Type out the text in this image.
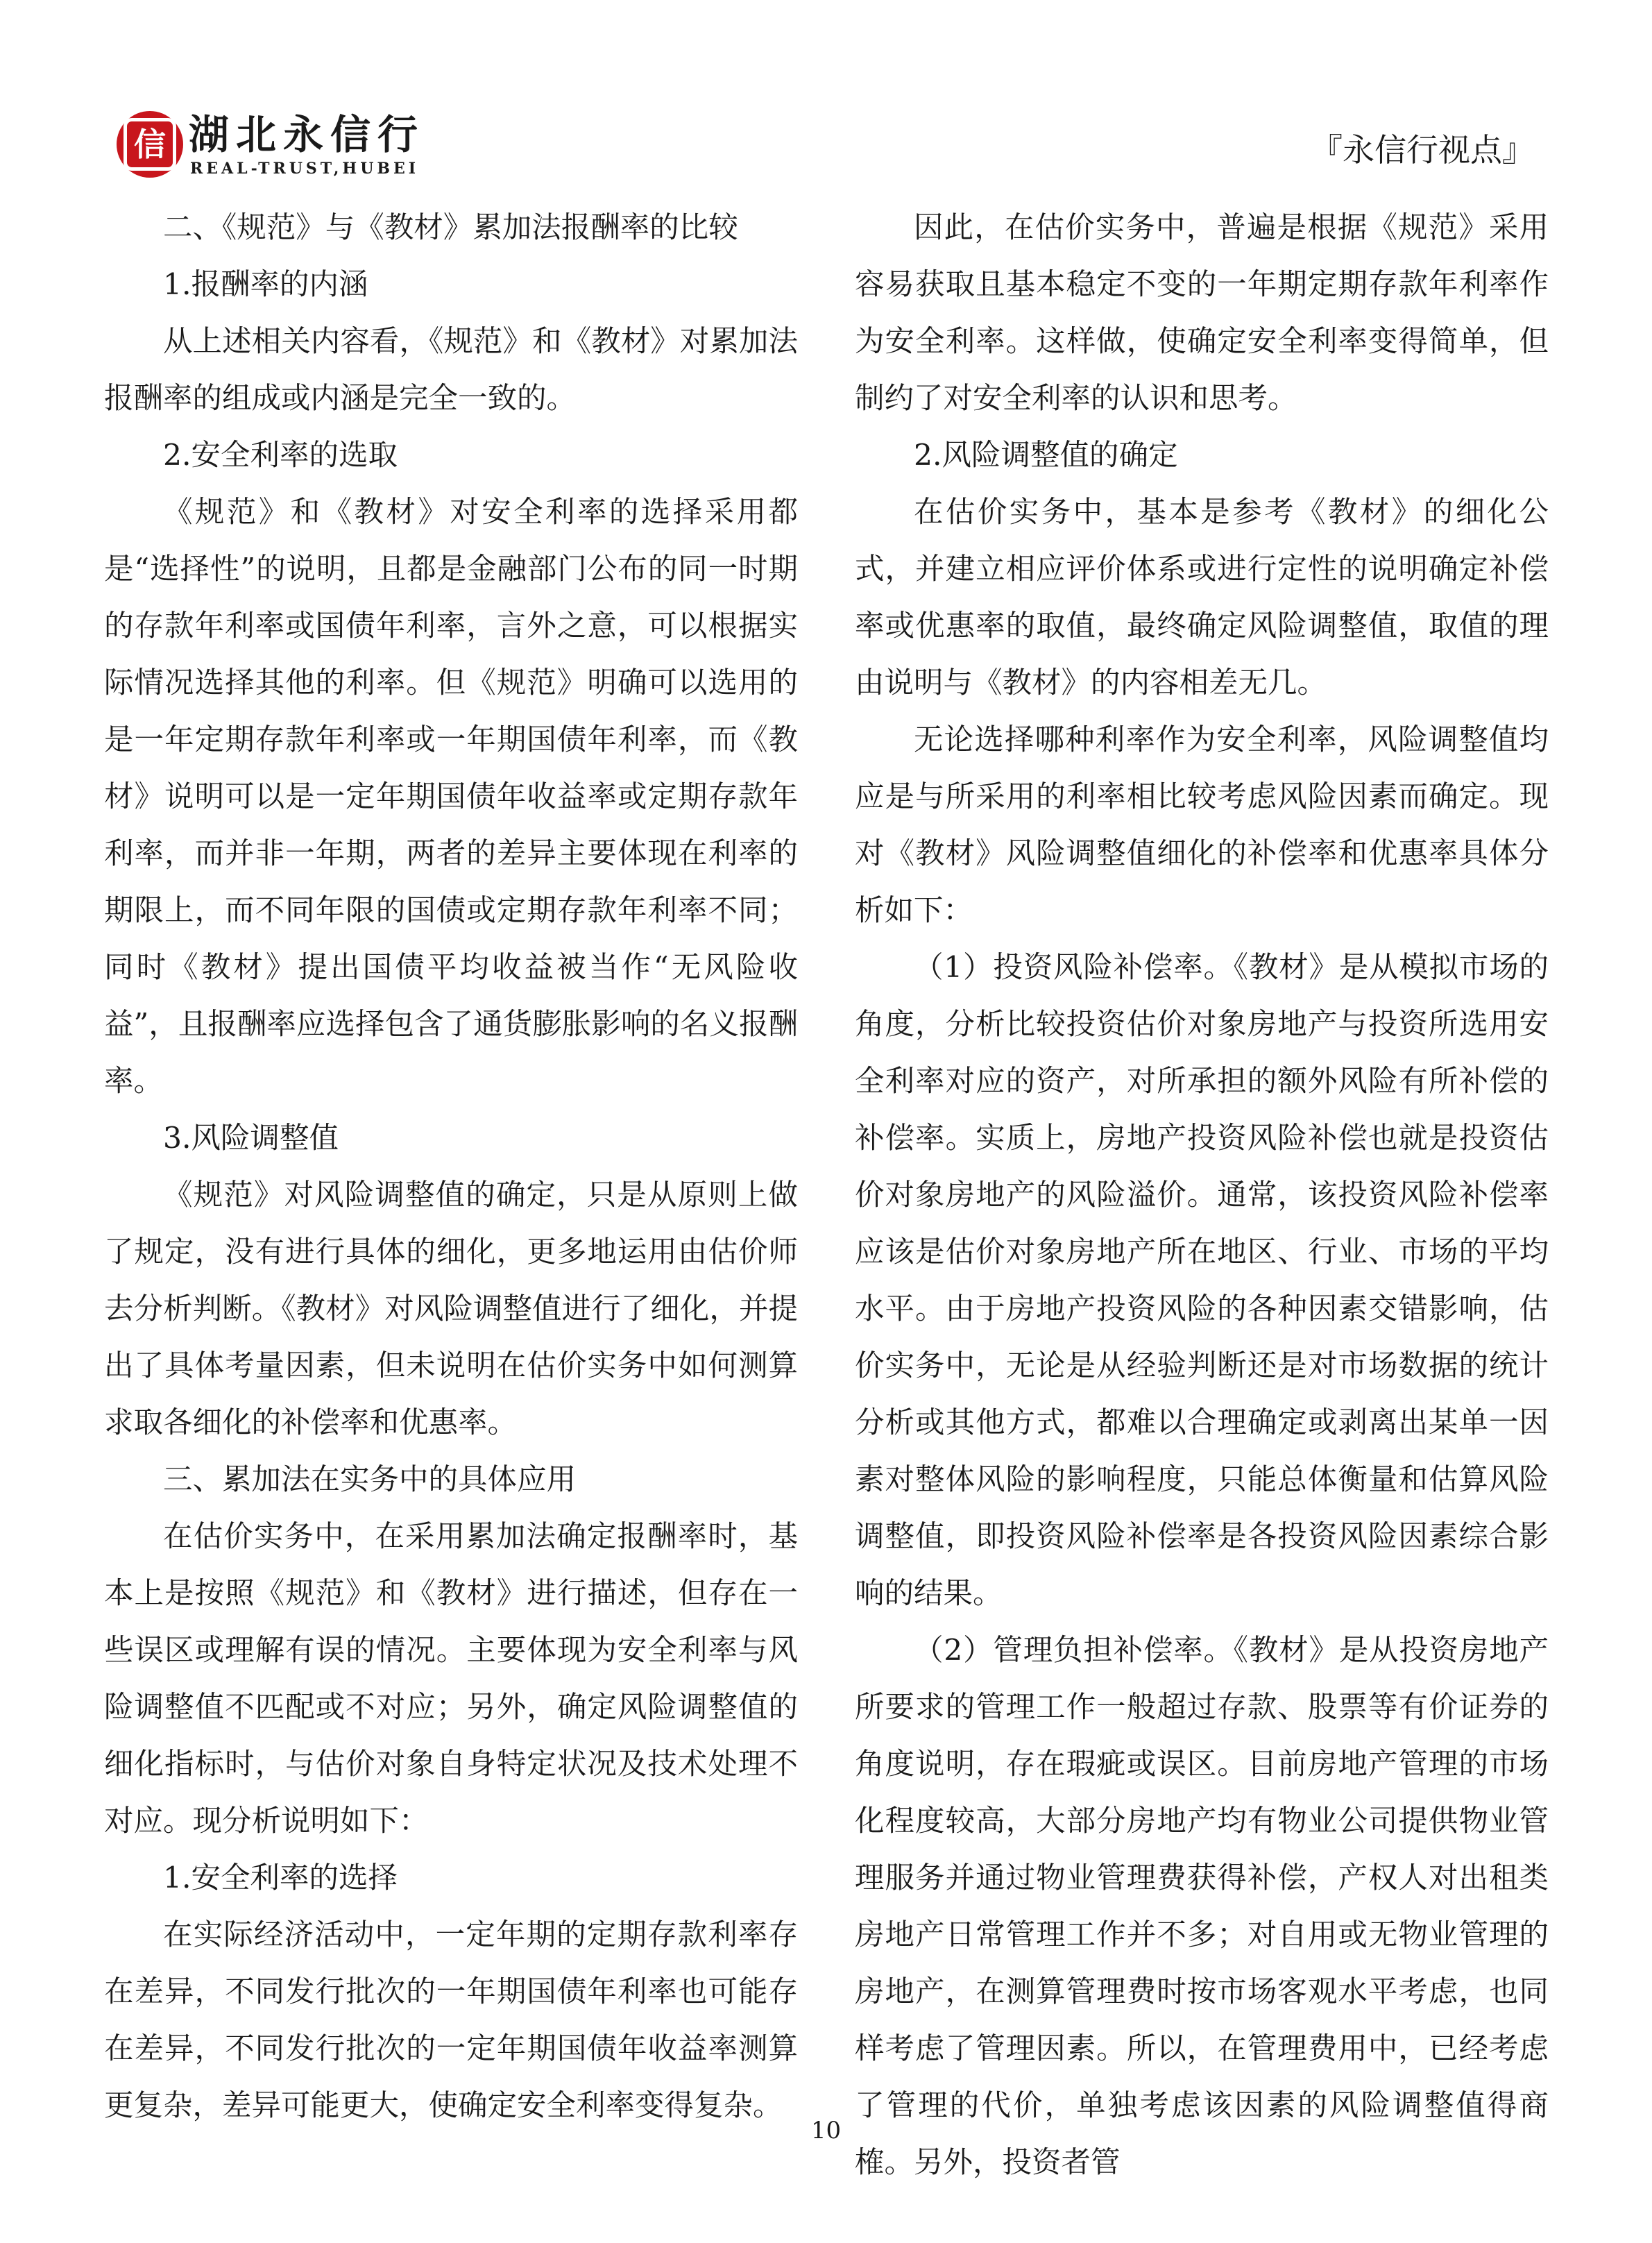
信 湖北永信行
REAL-TRUST,HUBEI	『永信行视点』

二、《规范》与《教材》累加法报酬率的比较

1.报酬率的内涵

从上述相关内容看，《规范》和《教材》对累加法报酬率的组成或内涵是完全一致的。

2.安全利率的选取

《规范》和《教材》对安全利率的选择采用都是“选择性”的说明，且都是金融部门公布的同一时期的存款年利率或国债年利率，言外之意，可以根据实际情况选择其他的利率。但《规范》明确可以选用的是一年定期存款年利率或一年期国债年利率，而《教材》说明可以是一定年期国债年收益率或定期存款年利率，而并非一年期，两者的差异主要体现在利率的期限上，而不同年限的国债或定期存款年利率不同；同时《教材》提出国债平均收益被当作“无风险收益”，且报酬率应选择包含了通货膨胀影响的名义报酬率。

3.风险调整值

《规范》对风险调整值的确定，只是从原则上做了规定，没有进行具体的细化，更多地运用由估价师去分析判断。《教材》对风险调整值进行了细化，并提出了具体考量因素，但未说明在估价实务中如何测算求取各细化的补偿率和优惠率。

三、累加法在实务中的具体应用

在估价实务中，在采用累加法确定报酬率时，基本上是按照《规范》和《教材》进行描述，但存在一些误区或理解有误的情况。主要体现为安全利率与风险调整值不匹配或不对应；另外，确定风险调整值的细化指标时，与估价对象自身特定状况及技术处理不对应。现分析说明如下：

1.安全利率的选择

在实际经济活动中，一定年期的定期存款利率存在差异，不同发行批次的一年期国债年利率也可能存在差异，不同发行批次的一定年期国债年收益率测算更复杂，差异可能更大，使确定安全利率变得复杂。

因此，在估价实务中，普遍是根据《规范》采用容易获取且基本稳定不变的一年期定期存款年利率作为安全利率。这样做，使确定安全利率变得简单，但制约了对安全利率的认识和思考。

2.风险调整值的确定

在估价实务中，基本是参考《教材》的细化公式，并建立相应评价体系或进行定性的说明确定补偿率或优惠率的取值，最终确定风险调整值，取值的理由说明与《教材》的内容相差无几。

无论选择哪种利率作为安全利率，风险调整值均应是与所采用的利率相比较考虑风险因素而确定。现对《教材》风险调整值细化的补偿率和优惠率具体分析如下：

（1）投资风险补偿率。《教材》是从模拟市场的角度，分析比较投资估价对象房地产与投资所选用安全利率对应的资产，对所承担的额外风险有所补偿的补偿率。实质上，房地产投资风险补偿也就是投资估价对象房地产的风险溢价。通常，该投资风险补偿率应该是估价对象房地产所在地区、行业、市场的平均水平。由于房地产投资风险的各种因素交错影响，估价实务中，无论是从经验判断还是对市场数据的统计分析或其他方式，都难以合理确定或剥离出某单一因素对整体风险的影响程度，只能总体衡量和估算风险调整值，即投资风险补偿率是各投资风险因素综合影响的结果。

（2）管理负担补偿率。《教材》是从投资房地产所要求的管理工作一般超过存款、股票等有价证券的角度说明，存在瑕疵或误区。目前房地产管理的市场化程度较高，大部分房地产均有物业公司提供物业管理服务并通过物业管理费获得补偿，产权人对出租类房地产日常管理工作并不多；对自用或无物业管理的房地产，在测算管理费时按市场客观水平考虑，也同样考虑了管理因素。所以，在管理费用中，已经考虑了管理的代价，单独考虑该因素的风险调整值得商榷。另外，投资者管

10
